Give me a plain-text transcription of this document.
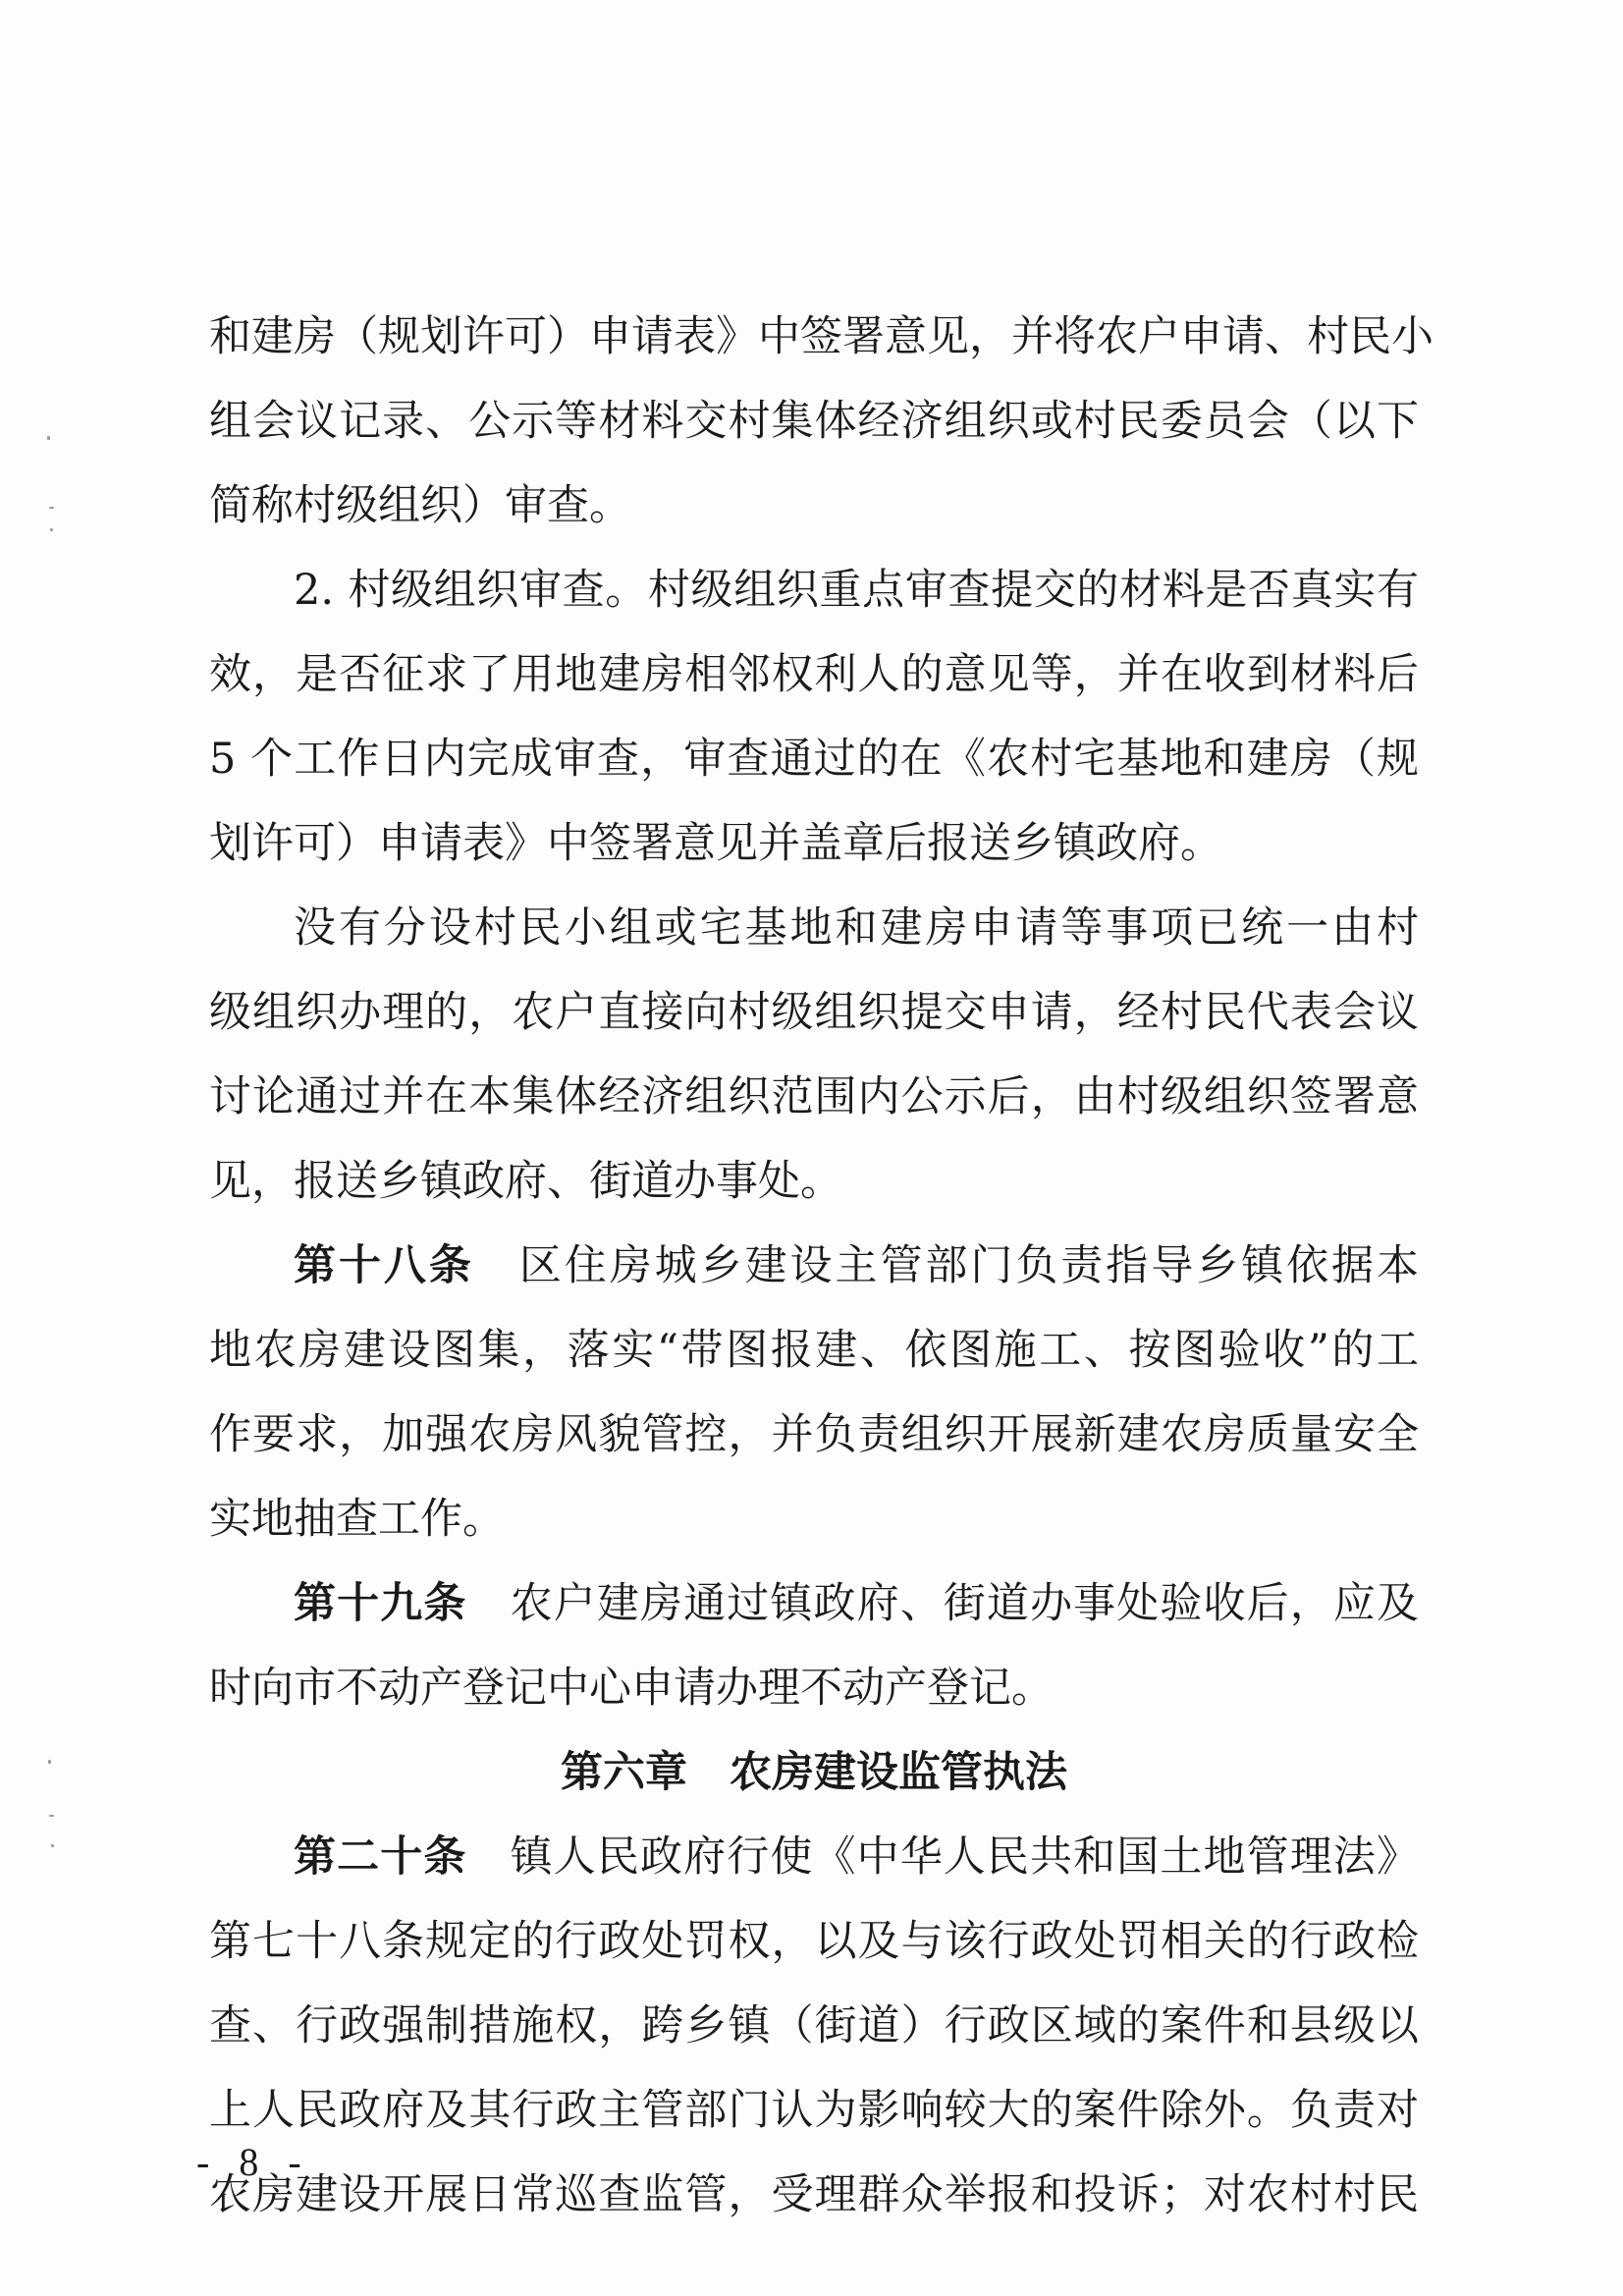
和建房（规划许可）申请表》中签署意见，并将农户申请、村民小
组会议记录、公示等材料交村集体经济组织或村民委员会（以下
简称村级组织）审查。
2. 村级组织审查。村级组织重点审查提交的材料是否真实有
效，是否征求了用地建房相邻权利人的意见等，并在收到材料后
5 个工作日内完成审查，审查通过的在《农村宅基地和建房（规
划许可）申请表》中签署意见并盖章后报送乡镇政府。
没有分设村民小组或宅基地和建房申请等事项已统一由村
级组织办理的，农户直接向村级组织提交申请，经村民代表会议
讨论通过并在本集体经济组织范围内公示后，由村级组织签署意
见，报送乡镇政府、街道办事处。
第十八条　 区住房城乡建设主管部门负责指导乡镇依据本
地农房建设图集，落实“带图报建、依图施工、按图验收”的工
作要求，加强农房风貌管控，并负责组织开展新建农房质量安全
实地抽查工作。
第十九条　 农户建房通过镇政府、街道办事处验收后，应及
时向市不动产登记中心申请办理不动产登记。
第六章　农房建设监管执法
第二十条　 镇人民政府行使《中华人民共和国土地管理法》
第七十八条规定的行政处罚权，以及与该行政处罚相关的行政检
查、行政强制措施权，跨乡镇（街道）行政区域的案件和县级以
上人民政府及其行政主管部门认为影响较大的案件除外。负责对
农房建设开展日常巡查监管，受理群众举报和投诉；对农村村民
- 8 -
